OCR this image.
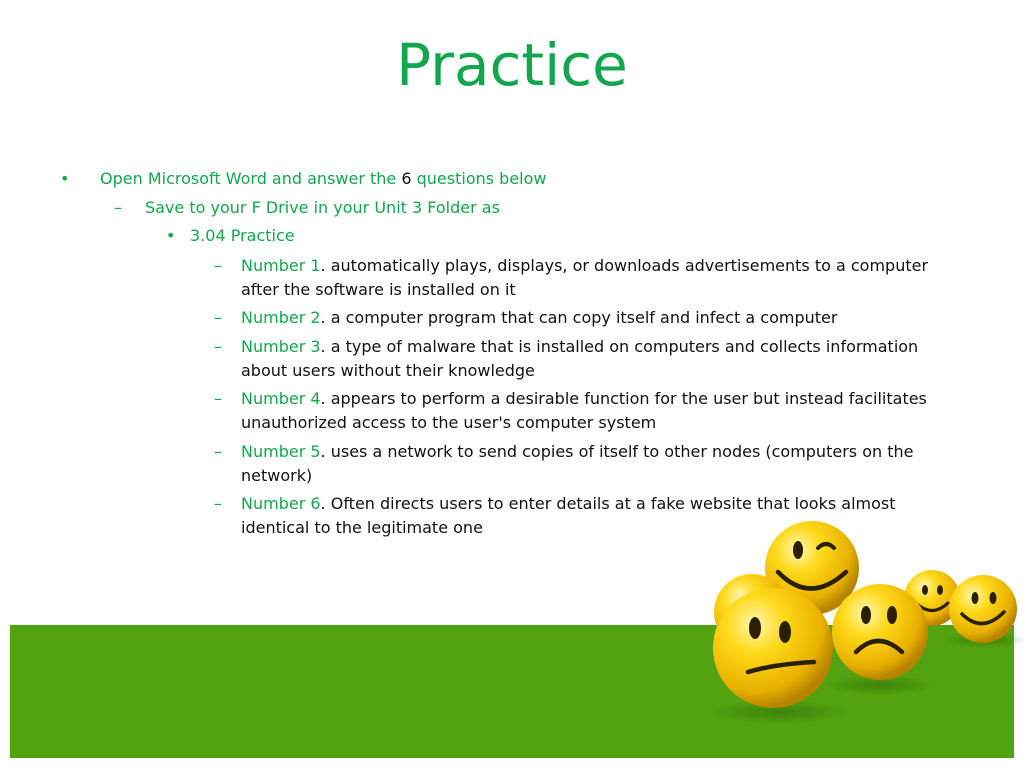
Practice
• Open Microsoft Word and answer the 6 questions below
– Save to your F Drive in your Unit 3 Folder as
• 3.04 Practice
– Number 1. automatically plays, displays, or downloads advertisements to a computer
after the software is installed on it
– Number 2. a computer program that can copy itself and infect a computer
– Number 3. a type of malware that is installed on computers and collects information
about users without their knowledge
– Number 4. appears to perform a desirable function for the user but instead facilitates
unauthorized access to the user's computer system
– Number 5. uses a network to send copies of itself to other nodes (computers on the
network)
– Number 6. Often directs users to enter details at a fake website that looks almost
identical to the legitimate one
